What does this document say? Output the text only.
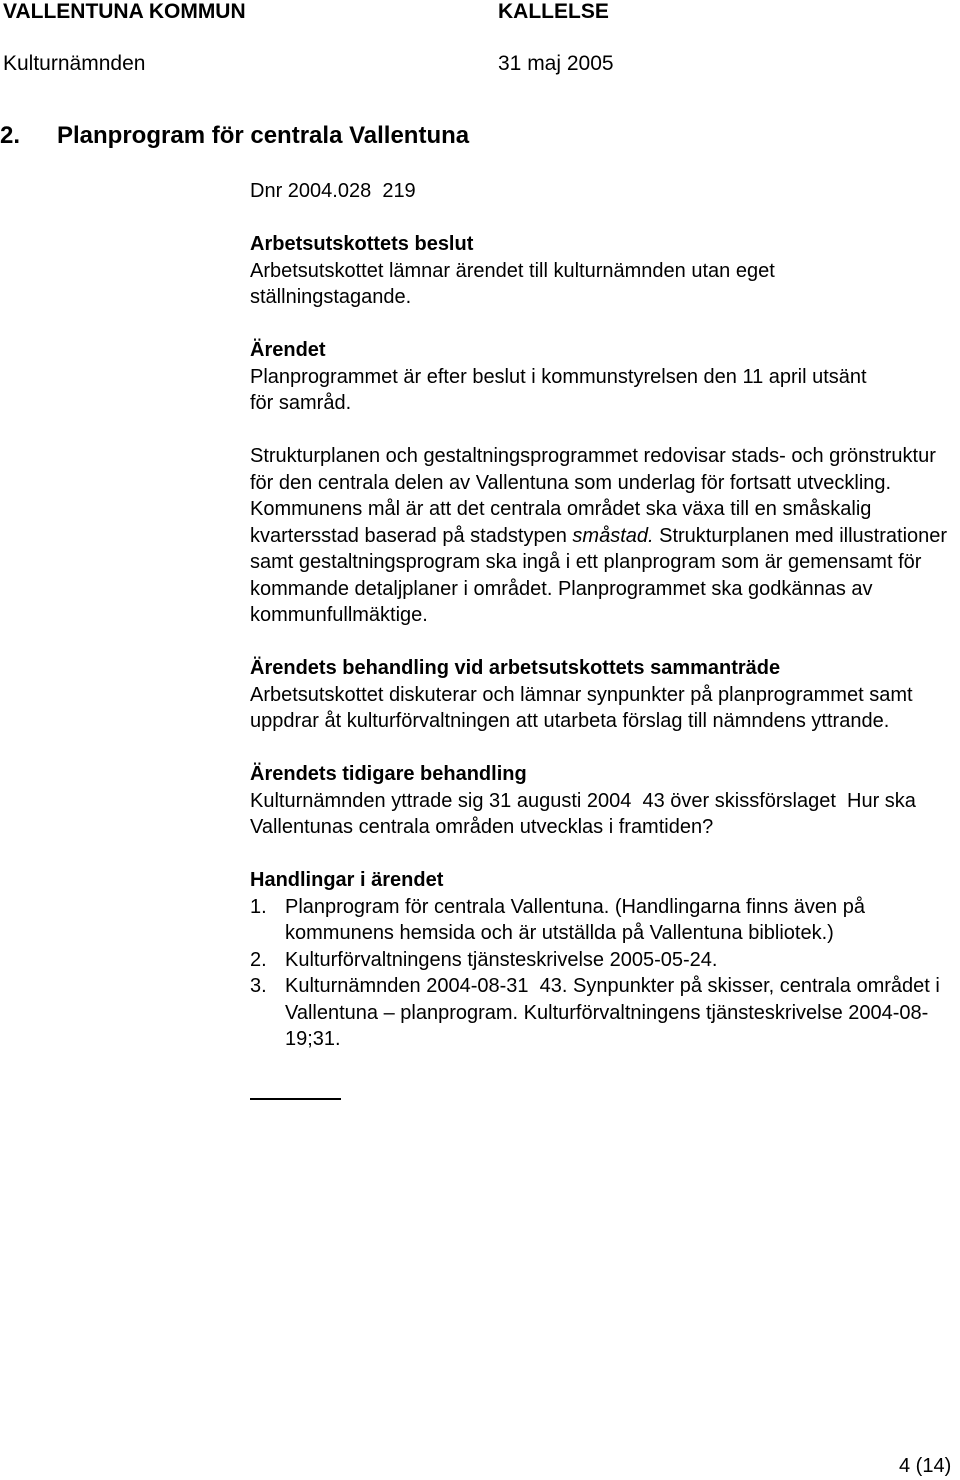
VALLENTUNA KOMMUN	KALLELSE
Kulturnämnden	31 maj 2005
2. Planprogram för centrala Vallentuna

Dnr 2004.028  219

Arbetsutskottets beslut

Arbetsutskottet lämnar ärendet till kulturnämnden utan eget ställningstagande.

Ärendet

Planprogrammet är efter beslut i kommunstyrelsen den 11 april utsänt för samråd.

Strukturplanen och gestaltningsprogrammet redovisar stads- och grönstruktur för den centrala delen av Vallentuna som underlag för fortsatt utveckling. Kommunens mål är att det centrala området ska växa till en småskalig kvartersstad baserad på stadstypen småstad. Strukturplanen med illustrationer samt gestaltningsprogram ska ingå i ett planprogram som är gemensamt för kommande detaljplaner i området. Planprogrammet ska godkännas av kommunfullmäktige.

Ärendets behandling vid arbetsutskottets sammanträde

Arbetsutskottet diskuterar och lämnar synpunkter på planprogrammet samt uppdrar åt kulturförvaltningen att utarbeta förslag till nämndens yttrande.

Ärendets tidigare behandling

Kulturnämnden yttrade sig 31 augusti 2004  43 över skissförslaget  Hur ska Vallentunas centrala områden utvecklas i framtiden?

Handlingar i ärendet

1. Planprogram för centrala Vallentuna. (Handlingarna finns även på kommunens hemsida och är utställda på Vallentuna bibliotek.)
2. Kulturförvaltningens tjänsteskrivelse 2005-05-24.
3. Kulturnämnden 2004-08-31  43. Synpunkter på skisser, centrala området i Vallentuna – planprogram. Kulturförvaltningens tjänsteskrivelse 2004-08-19;31.
4 (14)
